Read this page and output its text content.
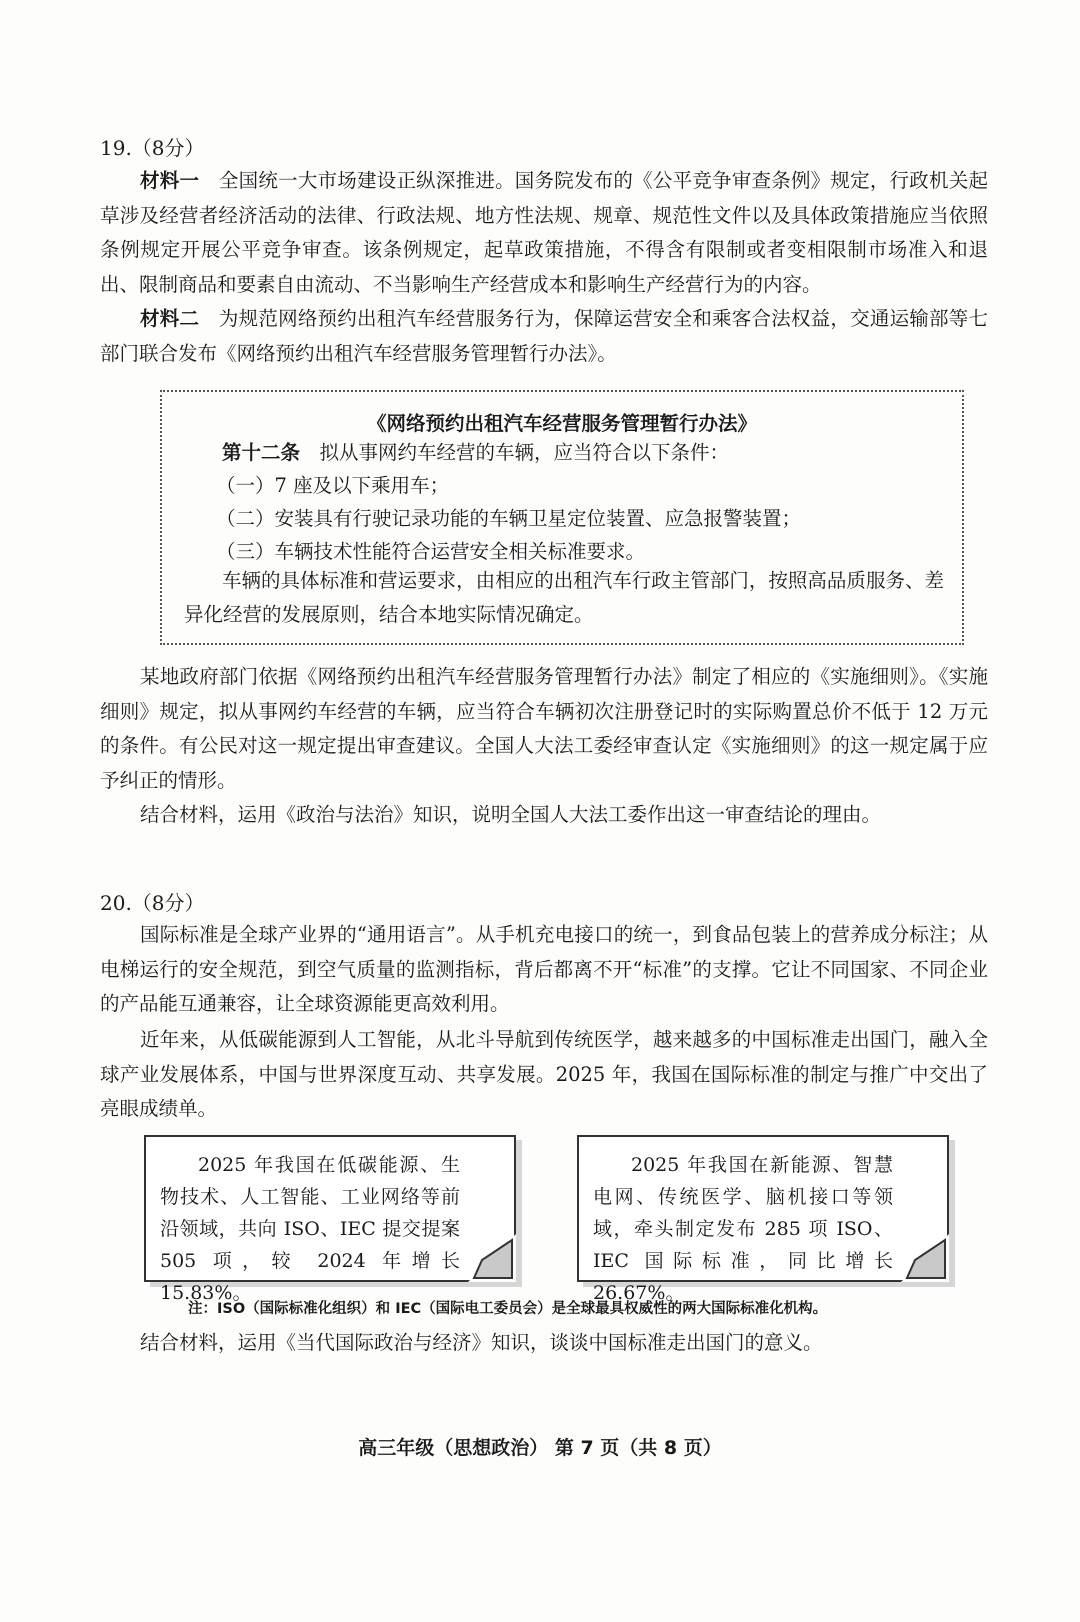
19.（8分）

材料一　 全国统一大市场建设正纵深推进。国务院发布的《公平竞争审查条例》规定，行政机关起草涉及经营者经济活动的法律、行政法规、地方性法规、规章、规范性文件以及具体政策措施应当依照条例规定开展公平竞争审查。该条例规定，起草政策措施，不得含有限制或者变相限制市场准入和退出、限制商品和要素自由流动、不当影响生产经营成本和影响生产经营行为的内容。

材料二　 为规范网络预约出租汽车经营服务行为，保障运营安全和乘客合法权益，交通运输部等七部门联合发布《网络预约出租汽车经营服务管理暂行办法》。

《网络预约出租汽车经营服务管理暂行办法》
第十二条　 拟从事网约车经营的车辆，应当符合以下条件：
（一）7 座及以下乘用车；
（二）安装具有行驶记录功能的车辆卫星定位装置、应急报警装置；
（三）车辆技术性能符合运营安全相关标准要求。

车辆的具体标准和营运要求，由相应的出租汽车行政主管部门，按照高品质服务、差异化经营的发展原则，结合本地实际情况确定。

某地政府部门依据《网络预约出租汽车经营服务管理暂行办法》制定了相应的《实施细则》。《实施细则》规定，拟从事网约车经营的车辆，应当符合车辆初次注册登记时的实际购置总价不低于 12 万元的条件。有公民对这一规定提出审查建议。全国人大法工委经审查认定《实施细则》的这一规定属于应予纠正的情形。

结合材料，运用《政治与法治》知识，说明全国人大法工委作出这一审查结论的理由。

20.（8分）

国际标准是全球产业界的“通用语言”。从手机充电接口的统一，到食品包装上的营养成分标注；从电梯运行的安全规范，到空气质量的监测指标，背后都离不开“标准”的支撑。它让不同国家、不同企业的产品能互通兼容，让全球资源能更高效利用。

近年来，从低碳能源到人工智能，从北斗导航到传统医学，越来越多的中国标准走出国门，融入全球产业发展体系，中国与世界深度互动、共享发展。2025 年，我国在国际标准的制定与推广中交出了亮眼成绩单。

2025 年我国在低碳能源、生物技术、人工智能、工业网络等前沿领域，共向 ISO、IEC 提交提案 505 项，较 2024 年增长 15.83%。

2025 年我国在新能源、智慧电网、传统医学、脑机接口等领域，牵头制定发布 285 项 ISO、IEC 国际标准，同比增长 26.67%。

注：ISO（国际标准化组织）和 IEC（国际电工委员会）是全球最具权威性的两大国际标准化机构。

结合材料，运用《当代国际政治与经济》知识，谈谈中国标准走出国门的意义。

高三年级（思想政治） 第 7 页（共 8 页）
